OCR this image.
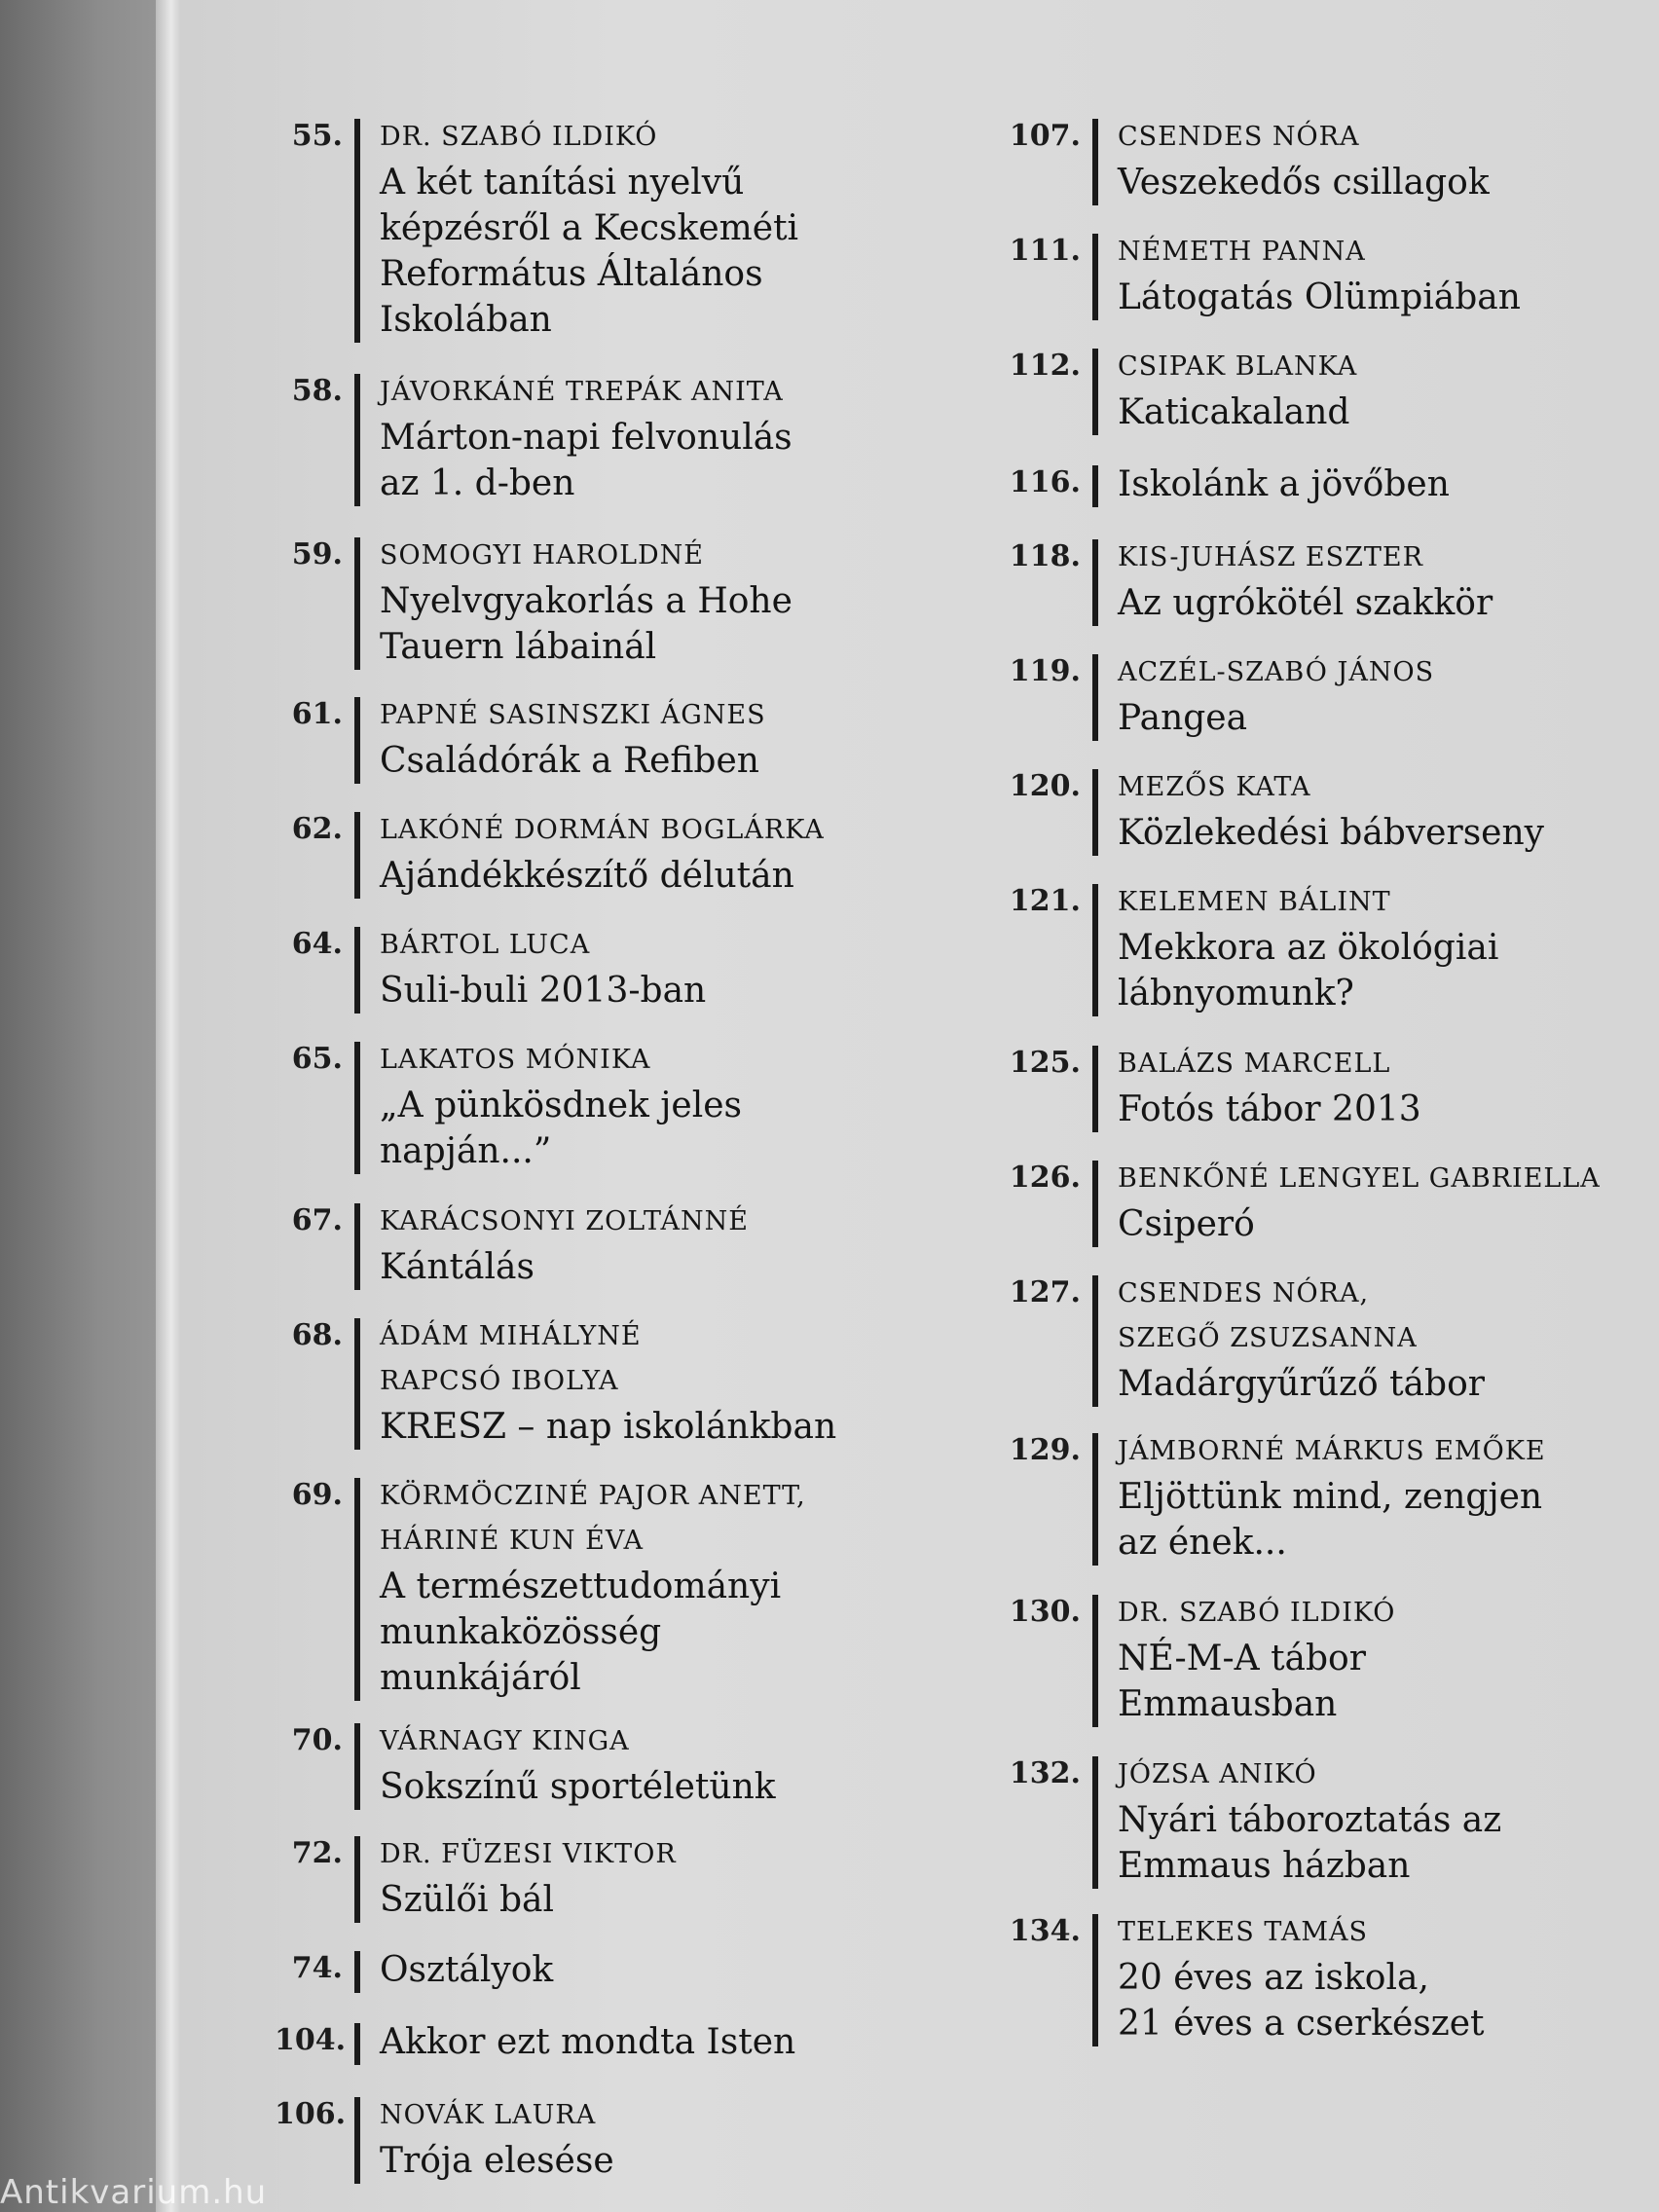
55.	DR. SZABÓ ILDIKÓ
A két tanítási nyelvű
képzésről a Kecskeméti
Református Általános
Iskolában
58.	JÁVORKÁNÉ TREPÁK ANITA
Márton-napi felvonulás
az 1. d-ben
59.	SOMOGYI HAROLDNÉ
Nyelvgyakorlás a Hohe
Tauern lábainál
61.	PAPNÉ SASINSZKI ÁGNES
Családórák a Refiben
62.	LAKÓNÉ DORMÁN BOGLÁRKA
Ajándékkészítő délután
64.	BÁRTOL LUCA
Suli-buli 2013-ban
65.	LAKATOS MÓNIKA
„A pünkösdnek jeles
napján...”
67.	KARÁCSONYI ZOLTÁNNÉ
Kántálás
68.	ÁDÁM MIHÁLYNÉ
RAPCSÓ IBOLYA
KRESZ – nap iskolánkban
69.	KÖRMÖCZINÉ PAJOR ANETT,
HÁRINÉ KUN ÉVA
A természettudományi
munkaközösség
munkájáról
70.	VÁRNAGY KINGA
Sokszínű sportéletünk
72.	DR. FÜZESI VIKTOR
Szülői bál
74.	Osztályok
104. Akkor ezt mondta Isten
106.	NOVÁK LAURA
Trója elesése
107.	CSENDES NÓRA
Veszekedős csillagok
111.	NÉMETH PANNA
Látogatás Olümpiában
112.	CSIPAK BLANKA
Katicakaland
116.	Iskolánk a jövőben
118.	KIS-JUHÁSZ ESZTER
Az ugrókötél szakkör
119.	ACZÉL-SZABÓ JÁNOS
Pangea
120.	MEZŐS KATA
Közlekedési bábverseny
121.	KELEMEN BÁLINT
Mekkora az ökológiai
lábnyomunk?
125.	BALÁZS MARCELL
Fotós tábor 2013
126.	BENKŐNÉ LENGYEL GABRIELLA
Csiperó
127.	CSENDES NÓRA,
SZEGŐ ZSUZSANNA
Madárgyűrűző tábor
129.	JÁMBORNÉ MÁRKUS EMŐKE
Eljöttünk mind, zengjen
az ének...
130.	DR. SZABÓ ILDIKÓ
NÉ-M-A tábor
Emmausban
132.	JÓZSA ANIKÓ
Nyári táboroztatás az
Emmaus házban
134.	TELEKES TAMÁS
20 éves az iskola,
21 éves a cserkészet
Antikvarium.hu
